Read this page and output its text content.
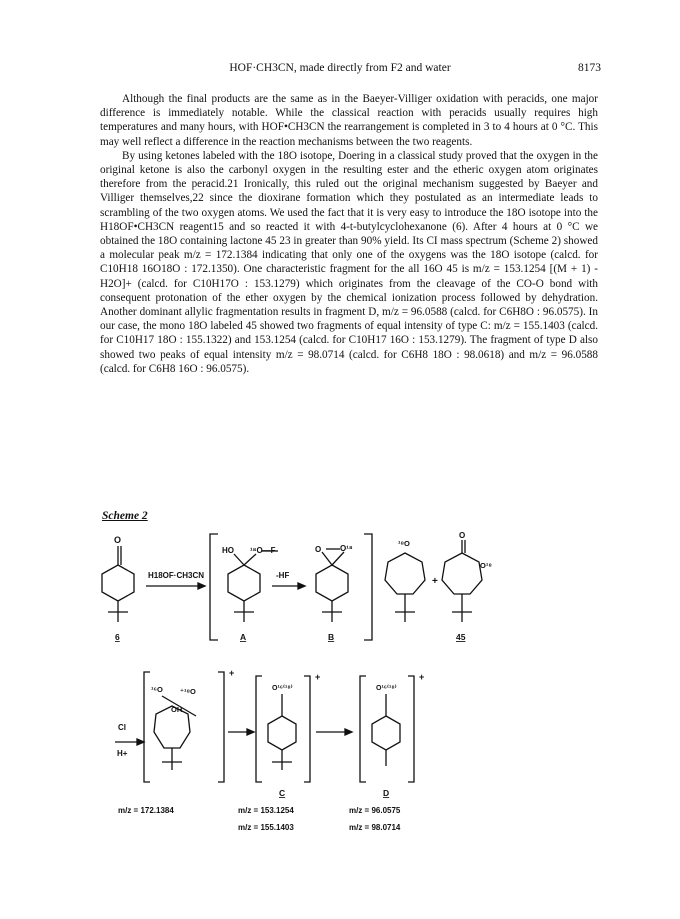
HOF·CH3CN, made directly from F2 and water	8173

Although the final products are the same as in the Baeyer-Villiger oxidation with peracids, one major difference is immediately notable. While the classical reaction with peracids usually requires high temperatures and many hours, with HOF•CH3CN the rearrangement is completed in 3 to 4 hours at 0 °C. This may well reflect a difference in the reaction mechanisms between the two reagents.

By using ketones labeled with the 18O isotope, Doering in a classical study proved that the oxygen in the original ketone is also the carbonyl oxygen in the resulting ester and the etheric oxygen atom originates therefore from the peracid.21 Ironically, this ruled out the original mechanism suggested by Baeyer and Villiger themselves,22 since the dioxirane formation which they postulated as an intermediate leads to scrambling of the two oxygen atoms. We used the fact that it is very easy to introduce the 18O isotope into the H18OF•CH3CN reagent15 and so reacted it with 4-t-butylcyclohexanone (6). After 4 hours at 0 °C we obtained the 18O containing lactone 45 23 in greater than 90% yield. Its CI mass spectrum (Scheme 2) showed a molecular peak m/z = 172.1384 indicating that only one of the oxygens was the 18O isotope (calcd. for C10H18 16O18O : 172.1350). One characteristic fragment for the all 16O 45 is m/z = 153.1254 [(M + 1) - H2O]+ (calcd. for C10H17O : 153.1279) which originates from the cleavage of the CO-O bond with consequent protonation of the ether oxygen by the chemical ionization process followed by dehydration. Another dominant allylic fragmentation results in fragment D, m/z = 96.0588 (calcd. for C6H8O : 96.0575). In our case, the mono 18O labeled 45 showed two fragments of equal intensity of type C: m/z = 155.1403 (calcd. for C10H17 18O : 155.1322) and 153.1254 (calcd. for C10H17 16O : 153.1279). The fragment of type D also showed two peaks of equal intensity m/z = 98.0714 (calcd. for C6H8 18O : 98.0618) and m/z = 96.0588 (calcd. for C6H8 16O : 96.0575).

Scheme 2
O
H18OF·CH3CN
HO ¹⁸O—F
-HF
O O¹⁸
¹⁸O
+
O
O¹⁸
¹⁶O ⁺¹⁸O
OH
+
Cl
H+
O¹⁶⁽¹⁸⁾
+
O¹⁶⁽¹⁸⁾
+
6	A	B	45
C	D
m/z = 172.1384	m/z = 153.1254	m/z = 96.0575
m/z = 155.1403	m/z = 98.0714
